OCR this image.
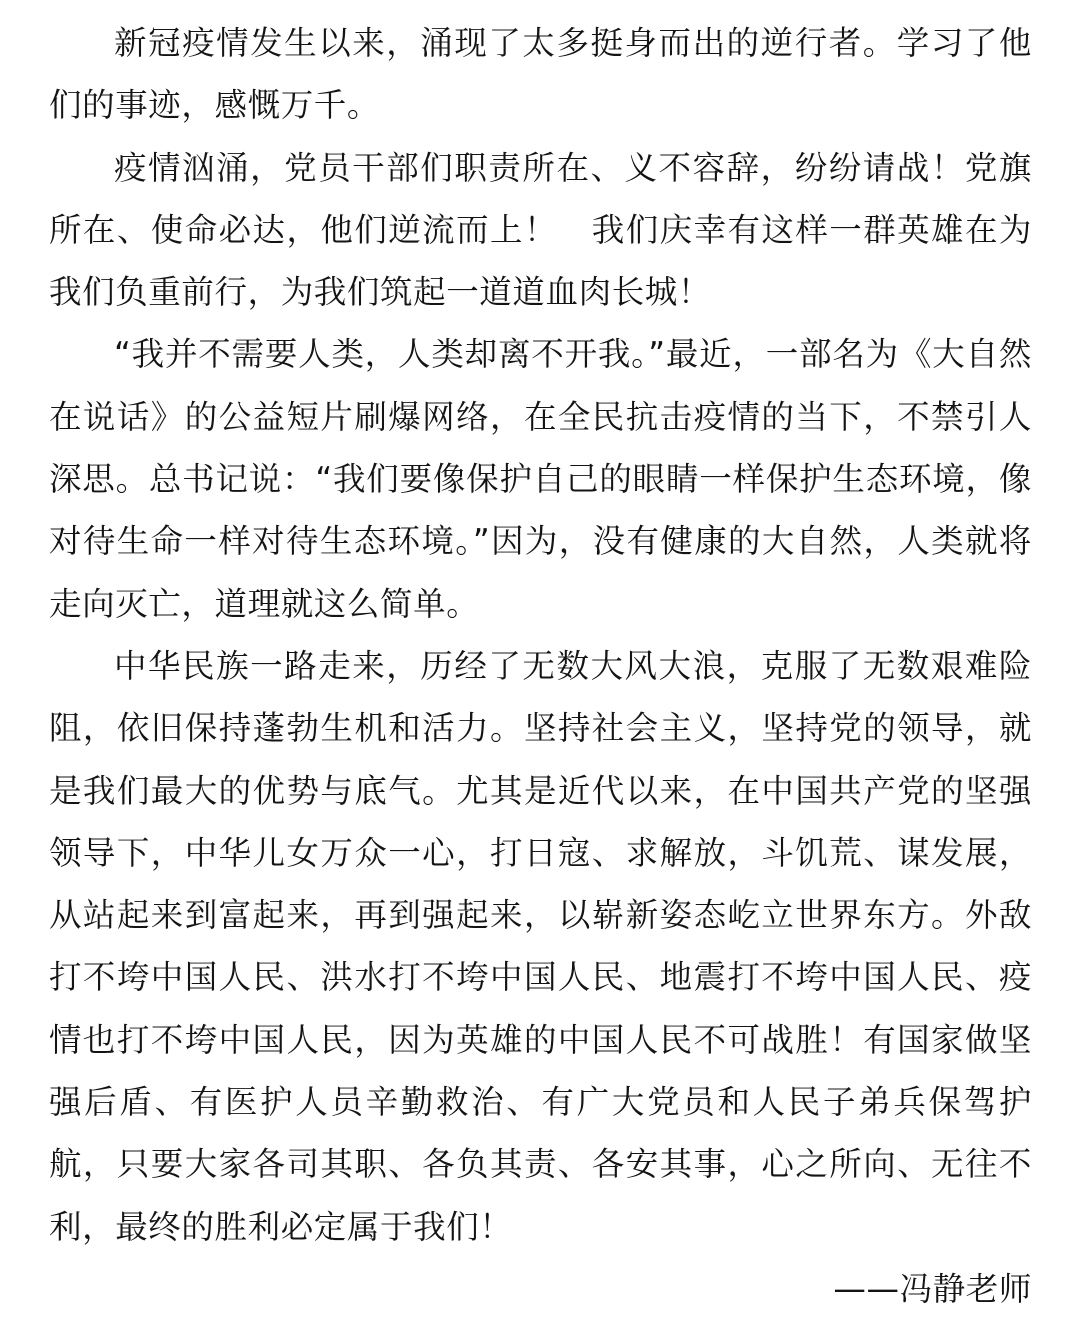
新冠疫情发生以来，涌现了太多挺身而出的逆行者。学习了他们的事迹，感慨万千。

疫情汹涌，党员干部们职责所在、义不容辞，纷纷请战！党旗所在、使命必达，他们逆流而上！　我们庆幸有这样一群英雄在为我们负重前行，为我们筑起一道道血肉长城！

“我并不需要人类，人类却离不开我。”最近，一部名为《大自然在说话》的公益短片刷爆网络，在全民抗击疫情的当下，不禁引人深思。总书记说：“我们要像保护自己的眼睛一样保护生态环境，像对待生命一样对待生态环境。”因为，没有健康的大自然，人类就将走向灭亡，道理就这么简单。

中华民族一路走来，历经了无数大风大浪，克服了无数艰难险阻，依旧保持蓬勃生机和活力。坚持社会主义，坚持党的领导，就是我们最大的优势与底气。尤其是近代以来，在中国共产党的坚强领导下，中华儿女万众一心，打日寇、求解放，斗饥荒、谋发展，从站起来到富起来，再到强起来，以崭新姿态屹立世界东方。外敌打不垮中国人民、洪水打不垮中国人民、地震打不垮中国人民、疫情也打不垮中国人民，因为英雄的中国人民不可战胜！有国家做坚强后盾、有医护人员辛勤救治、有广大党员和人民子弟兵保驾护航，只要大家各司其职、各负其责、各安其事，心之所向、无往不利，最终的胜利必定属于我们！

——冯静老师
